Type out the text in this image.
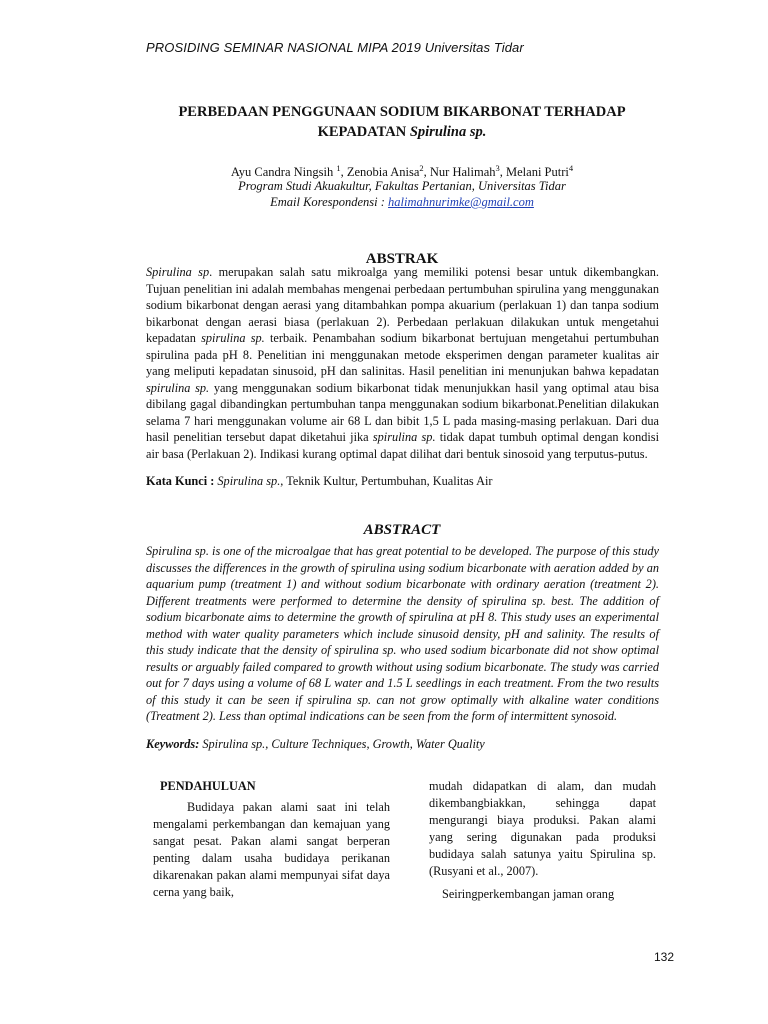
PROSIDING SEMINAR NASIONAL MIPA 2019 Universitas Tidar
PERBEDAAN PENGGUNAAN SODIUM BIKARBONAT TERHADAP
KEPADATAN Spirulina sp.
Ayu Candra Ningsih $^1$, Zenobia Anisa$^2$, Nur Halimah$^3$, Melani Putri$^4$
Program Studi Akuakultur, Fakultas Pertanian, Universitas Tidar
Email Korespondensi : halimahnurimke@gmail.com
ABSTRAK
Spirulina sp. merupakan salah satu mikroalga yang memiliki potensi besar untuk dikembangkan. Tujuan penelitian ini adalah membahas mengenai perbedaan pertumbuhan spirulina yang menggunakan sodium bikarbonat dengan aerasi yang ditambahkan pompa akuarium (perlakuan 1) dan tanpa sodium bikarbonat dengan aerasi biasa (perlakuan 2). Perbedaan perlakuan dilakukan untuk mengetahui kepadatan spirulina sp. terbaik. Penambahan sodium bikarbonat bertujuan mengetahui pertumbuhan spirulina pada pH 8. Penelitian ini menggunakan metode eksperimen dengan parameter kualitas air yang meliputi kepadatan sinusoid, pH dan salinitas. Hasil penelitian ini menunjukan bahwa kepadatan spirulina sp. yang menggunakan sodium bikarbonat tidak menunjukkan hasil yang optimal atau bisa dibilang gagal dibandingkan pertumbuhan tanpa menggunakan sodium bikarbonat.Penelitian dilakukan selama 7 hari menggunakan volume air 68 L dan bibit 1,5 L pada masing-masing perlakuan. Dari dua hasil penelitian tersebut dapat diketahui jika spirulina sp. tidak dapat tumbuh optimal dengan kondisi air basa (Perlakuan 2). Indikasi kurang optimal dapat dilihat dari bentuk sinosoid yang terputus-putus.
Kata Kunci : Spirulina sp., Teknik Kultur, Pertumbuhan, Kualitas Air
ABSTRACT
Spirulina sp. is one of the microalgae that has great potential to be developed. The purpose of this study discusses the differences in the growth of spirulina using sodium bicarbonate with aeration added by an aquarium pump (treatment 1) and without sodium bicarbonate with ordinary aeration (treatment 2). Different treatments were performed to determine the density of spirulina sp. best. The addition of sodium bicarbonate aims to determine the growth of spirulina at pH 8. This study uses an experimental method with water quality parameters which include sinusoid density, pH and salinity. The results of this study indicate that the density of spirulina sp. who used sodium bicarbonate did not show optimal results or arguably failed compared to growth without using sodium bicarbonate. The study was carried out for 7 days using a volume of 68 L water and 1.5 L seedlings in each treatment. From the two results of this study it can be seen if spirulina sp. can not grow optimally with alkaline water conditions (Treatment 2). Less than optimal indications can be seen from the form of intermittent synosoid.
Keywords: Spirulina sp., Culture Techniques, Growth, Water Quality
PENDAHULUAN

Budidaya pakan alami saat ini telah mengalami perkembangan dan kemajuan yang sangat pesat. Pakan alami sangat berperan penting dalam usaha budidaya perikanan dikarenakan pakan alami mempunyai sifat daya cerna yang baik,

mudah didapatkan di alam, dan mudah dikembangbiakkan, sehingga dapat mengurangi biaya produksi. Pakan alami yang sering digunakan pada produksi budidaya salah satunya yaitu Spirulina sp. (Rusyani et al., 2007).

Seiringperkembangan jaman orang

132
